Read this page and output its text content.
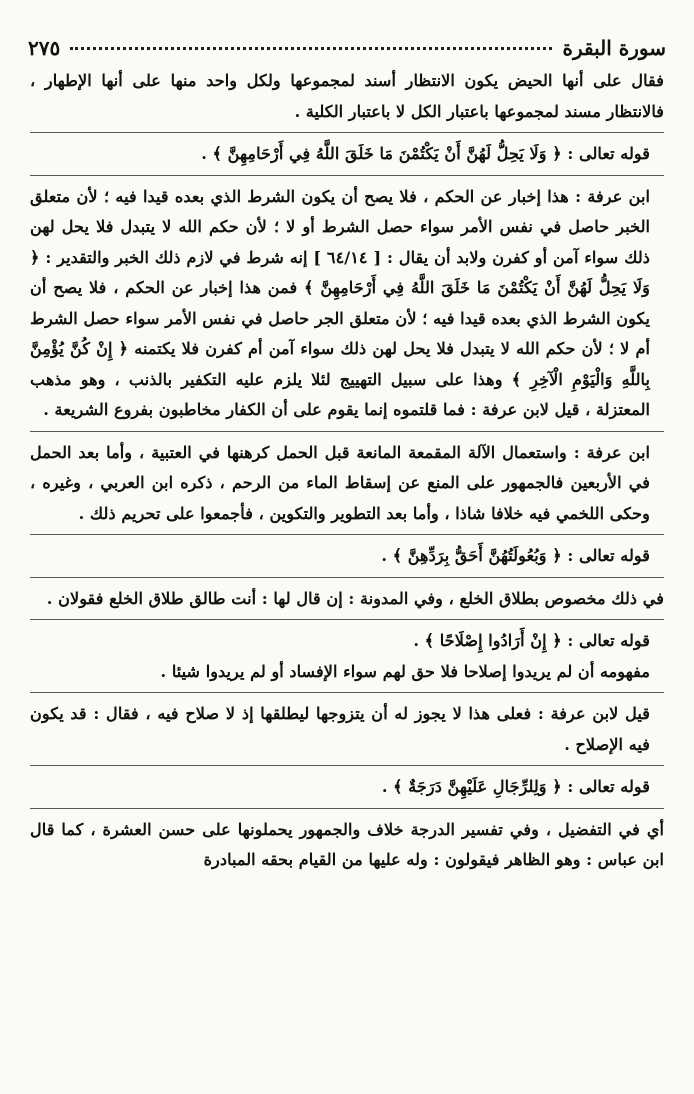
سورة البقرة
٢٧٥

فقال على أنها الحيض يكون الانتظار أسند لمجموعها ولكل واحد منها على أنها الإطهار ، فالانتظار مسند لمجموعها باعتبار الكل لا باعتبار الكلية .

قوله تعالى : ﴿ وَلَا يَحِلُّ لَهُنَّ أَنْ يَكْتُمْنَ مَا خَلَقَ اللَّهُ فِي أَرْحَامِهِنَّ ﴾ .

ابن عرفة : هذا إخبار عن الحكم ، فلا يصح أن يكون الشرط الذي بعده قيدا فيه ؛ لأن متعلق الخبر حاصل في نفس الأمر سواء حصل الشرط أو لا ؛ لأن حكم الله لا يتبدل فلا يحل لهن ذلك سواء آمن أو كفرن ولابد أن يقال : [ ٦٤/١٤ ] إنه شرط في لازم ذلك الخبر والتقدير : ﴿ وَلَا يَحِلُّ لَهُنَّ أَنْ يَكْتُمْنَ مَا خَلَقَ اللَّهُ فِي أَرْحَامِهِنَّ ﴾ فمن هذا إخبار عن الحكم ، فلا يصح أن يكون الشرط الذي بعده قيدا فيه ؛ لأن متعلق الجر حاصل في نفس الأمر سواء حصل الشرط أم لا ؛ لأن حكم الله لا يتبدل فلا يحل لهن ذلك سواء آمن أم كفرن فلا يكتمنه ﴿ إِنْ كُنَّ يُؤْمِنَّ بِاللَّهِ وَالْيَوْمِ الْآخِرِ ﴾ وهذا على سبيل التهييج لئلا يلزم عليه التكفير بالذنب ، وهو مذهب المعتزلة ، قيل لابن عرفة : فما قلتموه إنما يقوم على أن الكفار مخاطبون بفروع الشريعة .

ابن عرفة : واستعمال الآلة المقمعة المانعة قبل الحمل كرهنها في العتبية ، وأما بعد الحمل في الأربعين فالجمهور على المنع عن إسقاط الماء من الرحم ، ذكره ابن العربي ، وغيره ، وحكى اللخمي فيه خلافا شاذا ، وأما بعد التطوير والتكوين ، فأجمعوا على تحريم ذلك .

قوله تعالى : ﴿ وَبُعُولَتُهُنَّ أَحَقُّ بِرَدِّهِنَّ ﴾ .

في ذلك مخصوص بطلاق الخلع ، وفي المدونة : إن قال لها : أنت طالق طلاق الخلع فقولان .

قوله تعالى : ﴿ إِنْ أَرَادُوا إِصْلَاحًا ﴾ .

مفهومه أن لم يريدوا إصلاحا فلا حق لهم سواء الإفساد أو لم يريدوا شيئا .

قيل لابن عرفة : فعلى هذا لا يجوز له أن يتزوجها ليطلقها إذ لا صلاح فيه ، فقال : قد يكون فيه الإصلاح .

قوله تعالى : ﴿ وَلِلرِّجَالِ عَلَيْهِنَّ دَرَجَةٌ ﴾ .

أي في التفضيل ، وفي تفسير الدرجة خلاف والجمهور يحملونها على حسن العشرة ، كما قال ابن عباس : وهو الظاهر فيقولون : وله عليها من القيام بحقه المبادرة
